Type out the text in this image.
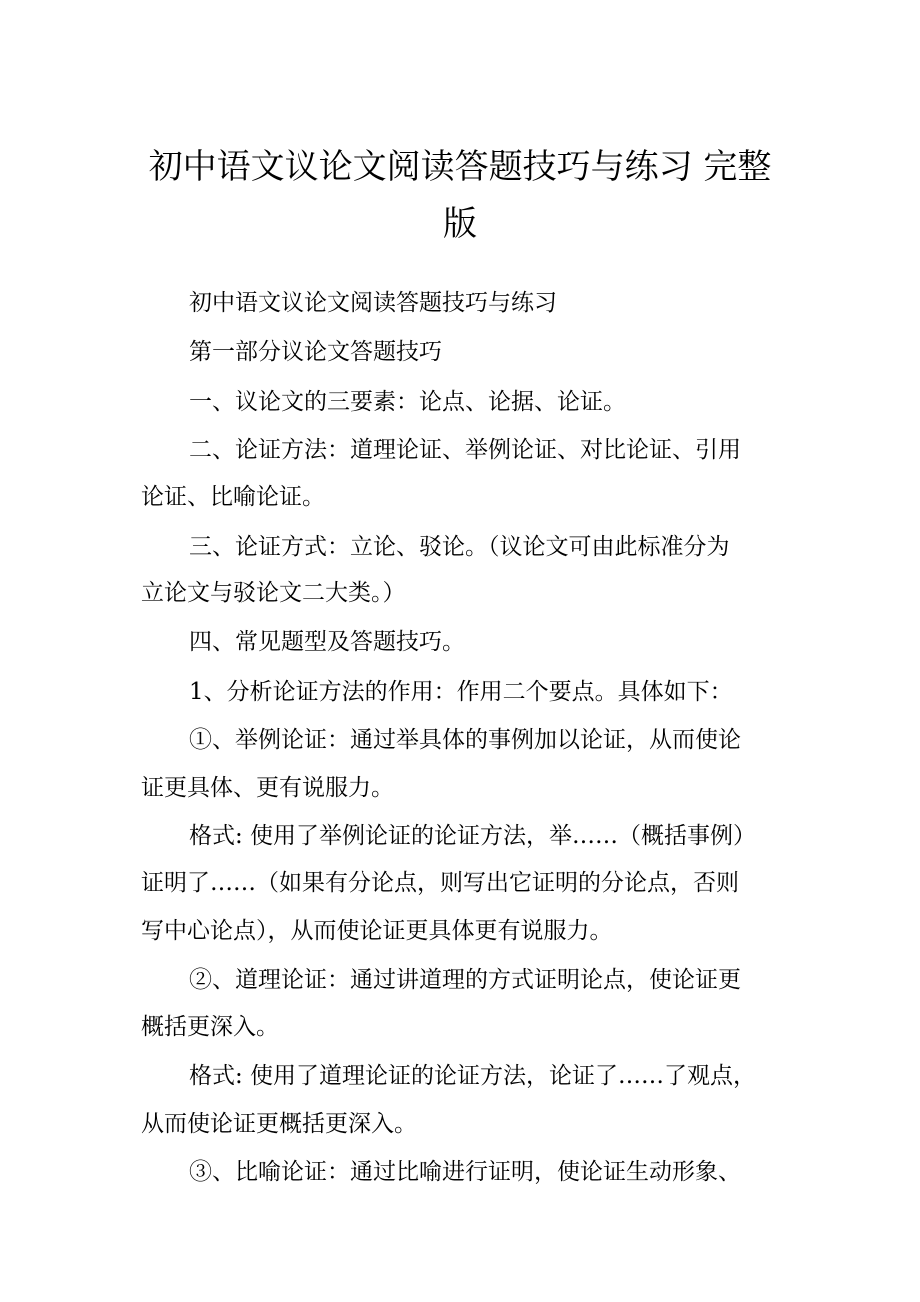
初中语文议论文阅读答题技巧与练习 完整
版

初中语文议论文阅读答题技巧与练习

第一部分议论文答题技巧

一、议论文的三要素：论点、论据、论证。

二、论证方法：道理论证、举例论证、对比论证、引用

论证、比喻论证。

三、论证方式：立论、驳论。（议论文可由此标准分为

立论文与驳论文二大类。）

四、常见题型及答题技巧。

1、分析论证方法的作用：作用二个要点。具体如下：

①、举例论证：通过举具体的事例加以论证，从而使论

证更具体、更有说服力。

格式: 使用了举例论证的论证方法，举……（概括事例）

证明了……（如果有分论点，则写出它证明的分论点，否则

写中心论点），从而使论证更具体更有说服力。

②、道理论证：通过讲道理的方式证明论点，使论证更

概括更深入。

格式: 使用了道理论证的论证方法，论证了……了观点，

从而使论证更概括更深入。

③、比喻论证：通过比喻进行证明，使论证生动形象、
